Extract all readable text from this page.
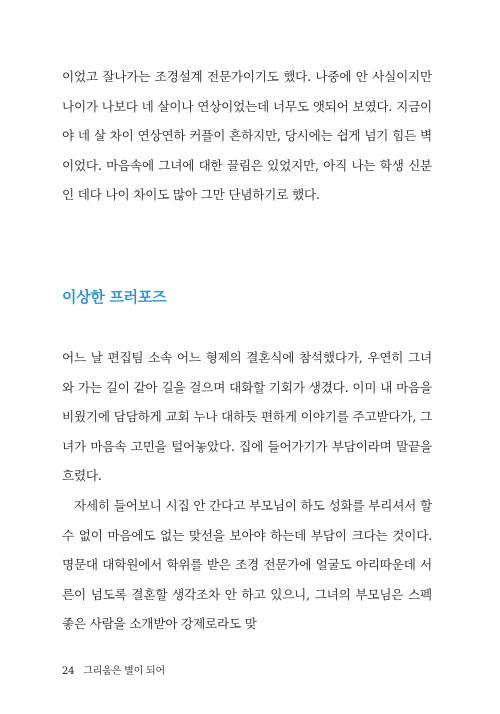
이었고 잘나가는 조경설계 전문가이기도 했다. 나중에 안 사실이지만 나이가 나보다 네 살이나 연상이었는데 너무도 앳되어 보였다. 지금이야 네 살 차이 연상연하 커플이 흔하지만, 당시에는 쉽게 넘기 힘든 벽이었다. 마음속에 그녀에 대한 끌림은 있었지만, 아직 나는 학생 신분인 데다 나이 차이도 많아 그만 단념하기로 했다.

이상한 프러포즈

어느 날 편집팀 소속 어느 형제의 결혼식에 참석했다가, 우연히 그녀와 가는 길이 같아 길을 걸으며 대화할 기회가 생겼다. 이미 내 마음을 비웠기에 담담하게 교회 누나 대하듯 편하게 이야기를 주고받다가, 그녀가 마음속 고민을 털어놓았다. 집에 들어가기가 부담이라며 말끝을 흐렸다.

자세히 들어보니 시집 안 간다고 부모님이 하도 성화를 부리셔서 할 수 없이 마음에도 없는 맞선을 보아야 하는데 부담이 크다는 것이다. 명문대 대학원에서 학위를 받은 조경 전문가에 얼굴도 아리따운데 서른이 넘도록 결혼할 생각조차 안 하고 있으니, 그녀의 부모님은 스펙 좋은 사람을 소개받아 강제로라도 맞

24 그리움은 별이 되어
